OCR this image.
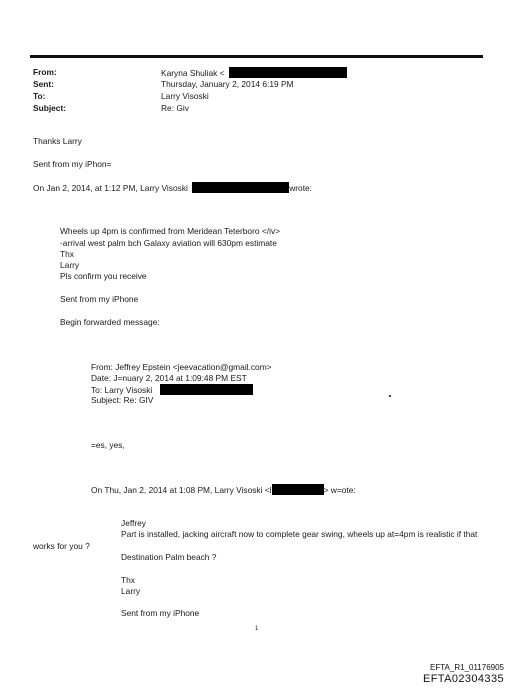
From:
Sent:
To:
Subject:
Karyna Shuliak <
Thursday, January 2, 2014 6:19 PM
Larry Visoski
Re: Giv
Thanks Larry
Sent from my iPhon=
On Jan 2, 2014, at 1:12 PM, Larry Visoski	wrote:
Wheels up 4pm is confirmed from Meridean Teterboro </iv>
-arrival west palm bch Galaxy aviation will 630pm estimate
Thx
Larry
Pls confirm you receive
Sent from my iPhone
Begin forwarded message:
From: Jeffrey Epstein <jeevacation@gmail.com>
Date: J=nuary 2, 2014 at 1:09:48 PM EST
To: Larry Visoski
Subject: Re: GIV
=es, yes,
On Thu, Jan 2, 2014 at 1:08 PM, Larry Visoski <l	> w=ote:
Jeffrey
Part is installed, jacking aircraft now to complete gear swing, wheels up at=4pm is realistic if that
works for you ?
Destination Palm beach ?
Thx
Larry
Sent from my iPhone
1
EFTA_R1_01176905
EFTA02304335
